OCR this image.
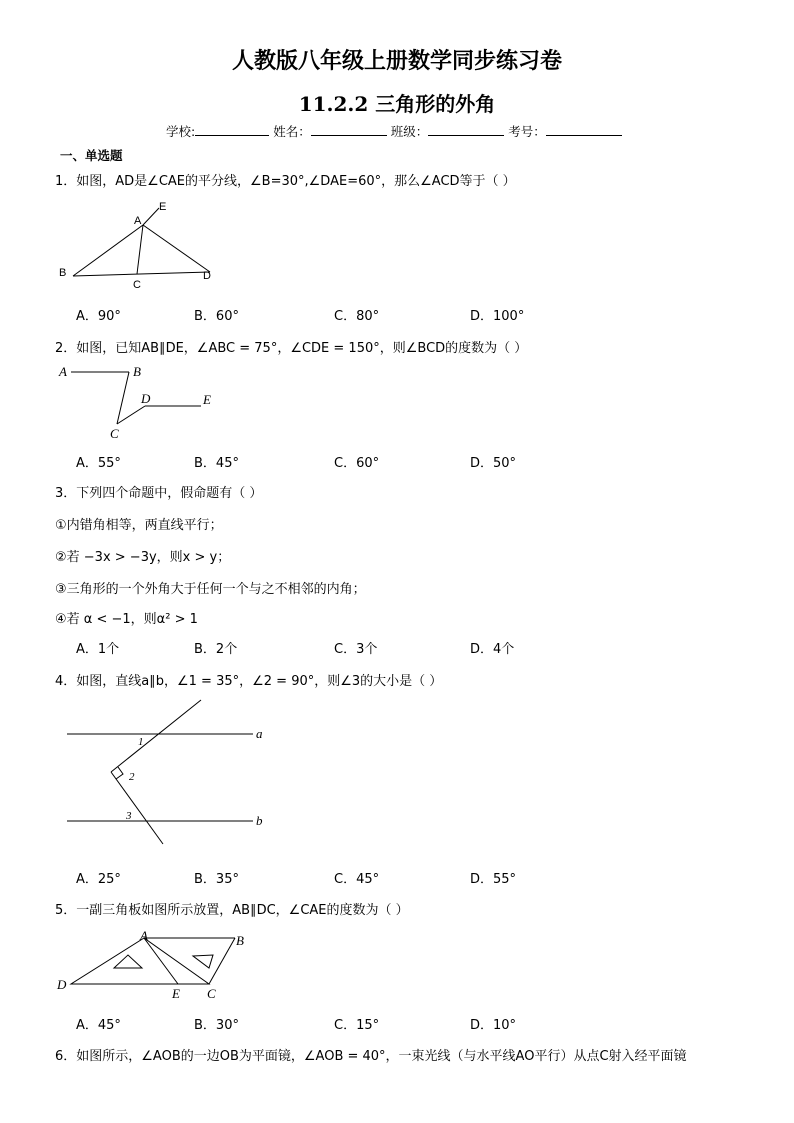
人教版八年级上册数学同步练习卷
11.2.2 三角形的外角
学校:	姓名：	班级：	考号：
一、单选题
1．如图，AD是∠CAE的平分线，∠B=30°,∠DAE=60°，那么∠ACD等于（ ）
A
E
B
C
D
A．90°	B．60°	C．80°	D．100°
2．如图，已知AB∥DE，∠ABC = 75°，∠CDE = 150°，则∠BCD的度数为（ ）
A	B
D	E
C
A．55°	B．45°	C．60°	D．50°
3．下列四个命题中，假命题有（ ）
①内错角相等，两直线平行；
②若 −3x > −3y，则x > y；
③三角形的一个外角大于任何一个与之不相邻的内角；
④若 α < −1，则α² > 1
A．1个	B．2个	C．3个	D．4个
4．如图，直线a∥b，∠1 = 35°，∠2 = 90°，则∠3的大小是（ ）
a
b
1
2
3
A．25°	B．35°	C．45°	D．55°
5．一副三角板如图所示放置，AB∥DC，∠CAE的度数为（ ）
A	B
D
E C
A．45°	B．30°	C．15°	D．10°
6．如图所示，∠AOB的一边OB为平面镜，∠AOB = 40°，一束光线（与水平线AO平行）从点C射入经平面镜
